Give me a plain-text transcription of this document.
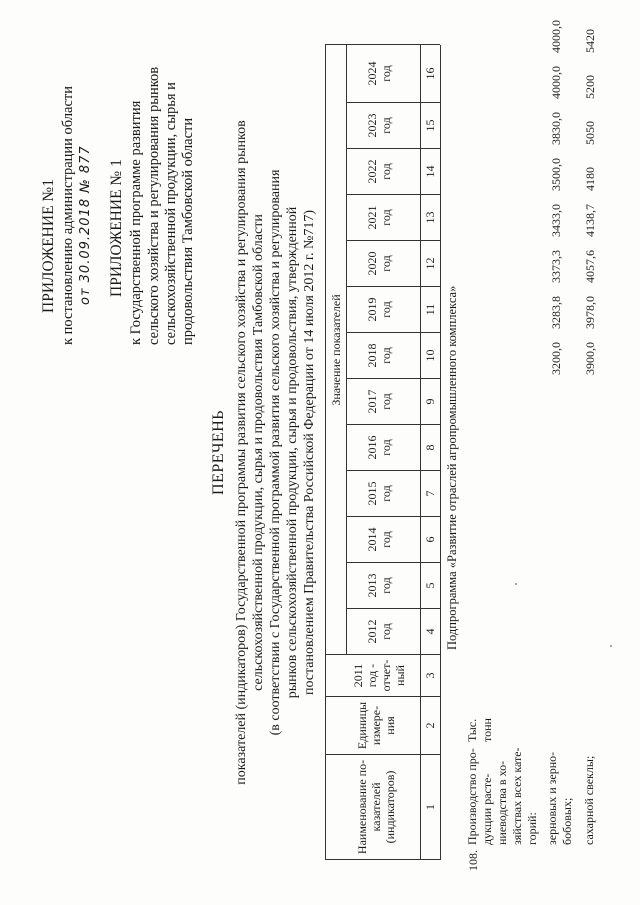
ПРИЛОЖЕНИЕ №1 к постановлению администрации области от 30.09.2018 № 877 ПРИЛОЖЕНИЕ № 1 к Государственной программе развития сельского хозяйства и регулирования рынков сельскохозяйственной продукции, сырья и продовольствия Тамбовской области
ПЕРЕЧЕНЬ показателей (индикаторов) Государственной программы развития сельского хозяйства и регулирования рынков сельскохозяйственной продукции, сырья и продовольствия Тамбовской области (в соответствии с Государственной программой развития сельского хозяйства и регулирования рынков сельскохозяйственной продукции, сырья и продовольствия, утвержденной постановлением Правительства Российской Федерации от 14 июля 2012 г. №717)
Наименование по- казателей (индикаторов)
Единицы измере- ния
Значение показателей
2011 год - отчет- ный
2012 год
2013 год
2014 год
2015 год
2016 год
2017 год
2018 год
2019 год
2020 год
2021 год
2022 год
2023 год
2024 год
1
2
3
4
5
6
7
8
9
10
11
12
13
14
15
16
Подпрограмма «Развитие отраслей агропромышленного комплекса»
108.
Производство про- дукции расте- ниеводства в хо- зяйствах всех кате- горий:
Тыс. тонн
зерновых и зерно- бобовых;
3200,0
3283,8
3373,3
3433,0
3500,0
3830,0
4000,0
4000,0
сахарной свеклы;
3900,0
3978,0
4057,6
4138,7
4180
5050
5200
5420
